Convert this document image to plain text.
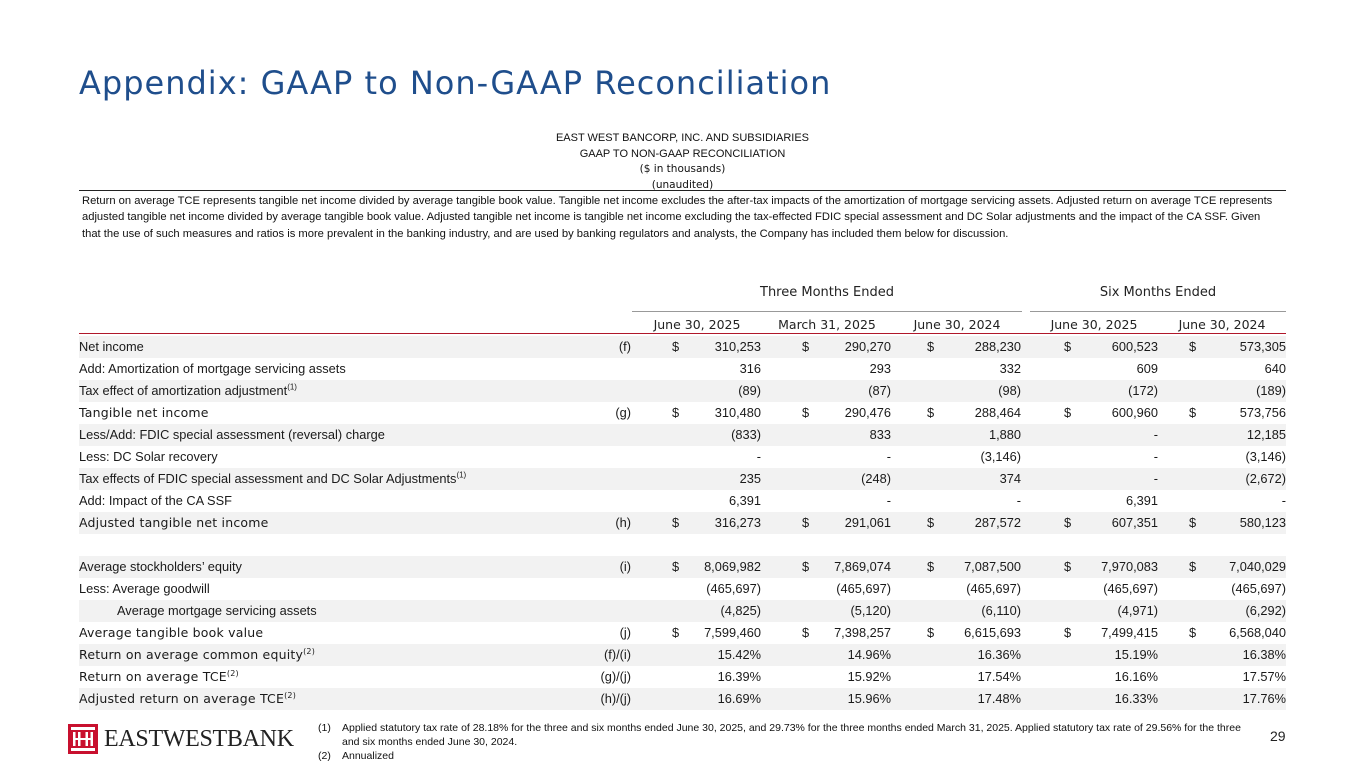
Appendix: GAAP to Non-GAAP Reconciliation
EAST WEST BANCORP, INC. AND SUBSIDIARIES
GAAP TO NON-GAAP RECONCILIATION
($ in thousands)
(unaudited)
Return on average TCE represents tangible net income divided by average tangible book value. Tangible net income excludes the after-tax impacts of the amortization of mortgage servicing assets. Adjusted return on average TCE represents adjusted tangible net income divided by average tangible book value. Adjusted tangible net income is tangible net income excluding the tax-effected FDIC special assessment and DC Solar adjustments and the impact of the CA SSF. Given that the use of such measures and ratios is more prevalent in the banking industry, and are used by banking regulators and analysts, the Company has included them below for discussion.
Three Months Ended	Six Months Ended
June 30, 2025	March 31, 2025	June 30, 2024	June 30, 2025	June 30, 2024
Net income	(f)	$	310,253	$	290,270	$	288,230	$	600,523 $	573,305
Add: Amortization of mortgage servicing assets	316	293	332	609	640
Tax effect of amortization adjustment$^{(1)}$	(89)	(87)	(98)	(172)	(189)
Tangible net income	(g)	$	310,480	$	290,476	$	288,464	$	600,960 $	573,756
Less/Add: FDIC special assessment (reversal) charge	(833)	833	1,880	-	12,185
Less: DC Solar recovery	-	-	(3,146)	-	(3,146)
Tax effects of FDIC special assessment and DC Solar Adjustments$^{(1)}$	235	(248)	374	-	(2,672)
Add: Impact of the CA SSF	6,391	-	-	6,391	-
Adjusted tangible net income	(h)	$	316,273	$	291,061	$	287,572	$	607,351 $	580,123
Average stockholders’ equity	(i)	$ 8,069,982	$ 7,869,074	$ 7,087,500	$ 7,970,083 $	7,040,029
Less: Average goodwill	(465,697)	(465,697)	(465,697)	(465,697)	(465,697)
Average mortgage servicing assets	(4,825)	(5,120)	(6,110)	(4,971)	(6,292)
Average tangible book value	(j)	$ 7,599,460	$ 7,398,257	$ 6,615,693	$ 7,499,415 $	6,568,040
Return on average common equity$^{(2)}$	(f)/(i)	15.42%	14.96%	16.36%	15.19%	16.38%
Return on average TCE$^{(2)}$	(g)/(j)	16.39%	15.92%	17.54%	16.16%	17.57%
Adjusted return on average TCE$^{(2)}$	(h)/(j)	16.69%	15.96%	17.48%	16.33%	17.76%
EASTWESTBANK (1) Applied statutory tax rate of 28.18% for the three and six months ended June 30, 2025, and 29.73% for the three months ended March 31, 2025. Applied statutory tax rate of 29.56% for the three and six months ended June 30, 2024.
(2) Annualized
29
